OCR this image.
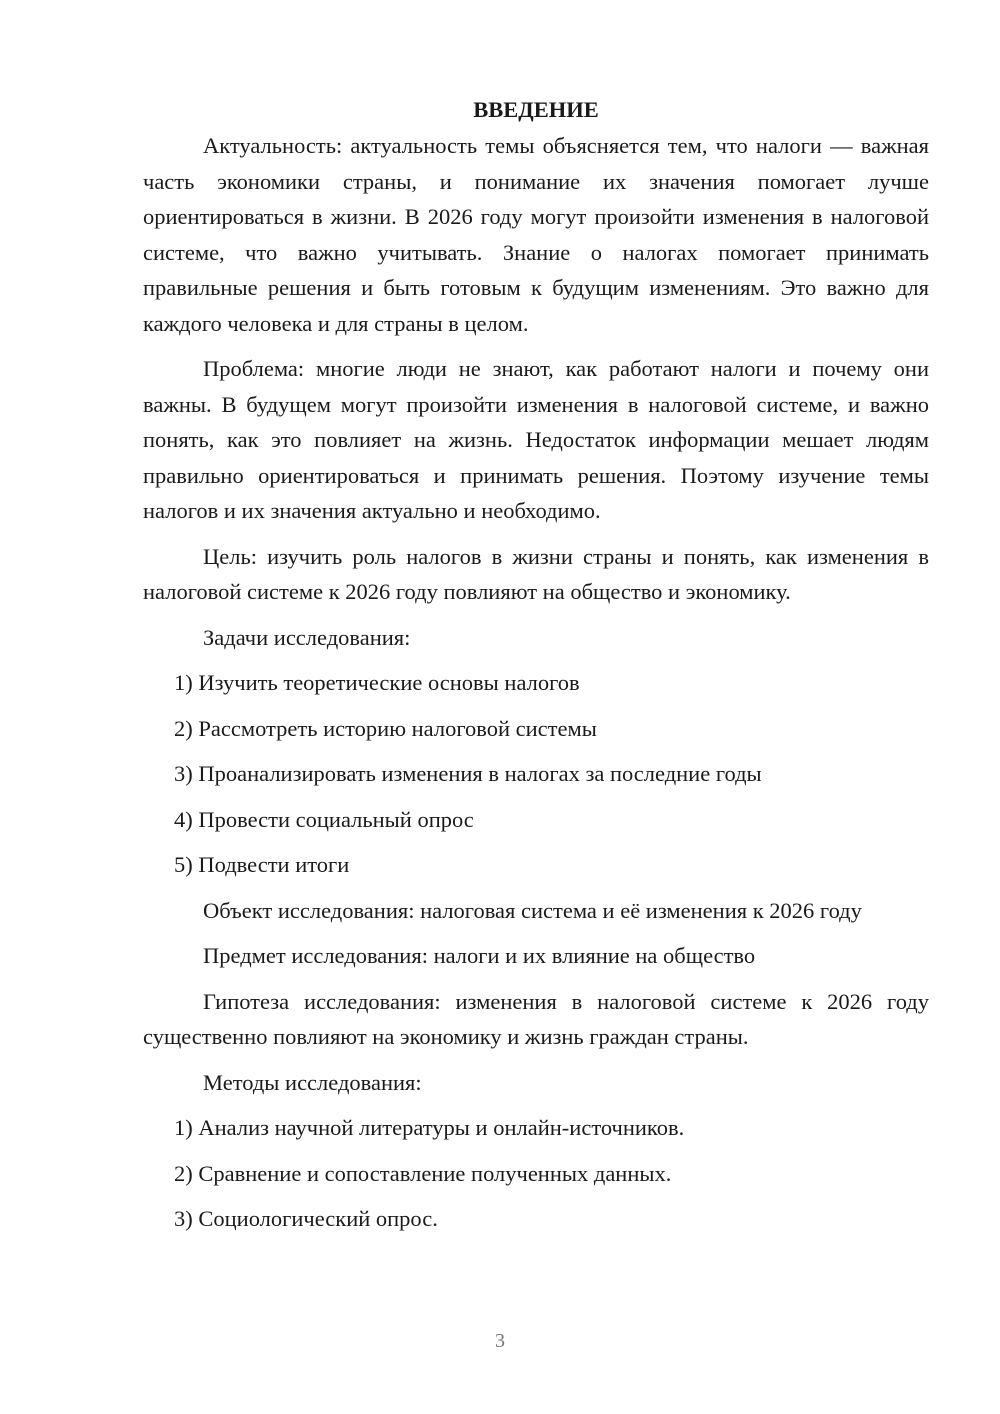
ВВЕДЕНИЕ

Актуальность: актуальность темы объясняется тем, что налоги — важная часть экономики страны, и понимание их значения помогает лучше ориентироваться в жизни. В 2026 году могут произойти изменения в налоговой системе, что важно учитывать. Знание о налогах помогает принимать правильные решения и быть готовым к будущим изменениям. Это важно для каждого человека и для страны в целом.

Проблема: многие люди не знают, как работают налоги и почему они важны. В будущем могут произойти изменения в налоговой системе, и важно понять, как это повлияет на жизнь. Недостаток информации мешает людям правильно ориентироваться и принимать решения. Поэтому изучение темы налогов и их значения актуально и необходимо.

Цель: изучить роль налогов в жизни страны и понять, как изменения в налоговой системе к 2026 году повлияют на общество и экономику.

Задачи исследования:
1) Изучить теоретические основы налогов
2) Рассмотреть историю налоговой системы
3) Проанализировать изменения в налогах за последние годы
4) Провести социальный опрос
5) Подвести итоги
Объект исследования: налоговая система и её изменения к 2026 году
Предмет исследования: налоги и их влияние на общество

Гипотеза исследования: изменения в налоговой системе к 2026 году существенно повлияют на экономику и жизнь граждан страны.

Методы исследования:
1) Анализ научной литературы и онлайн-источников.
2) Сравнение и сопоставление полученных данных.
3) Социологический опрос.
3
